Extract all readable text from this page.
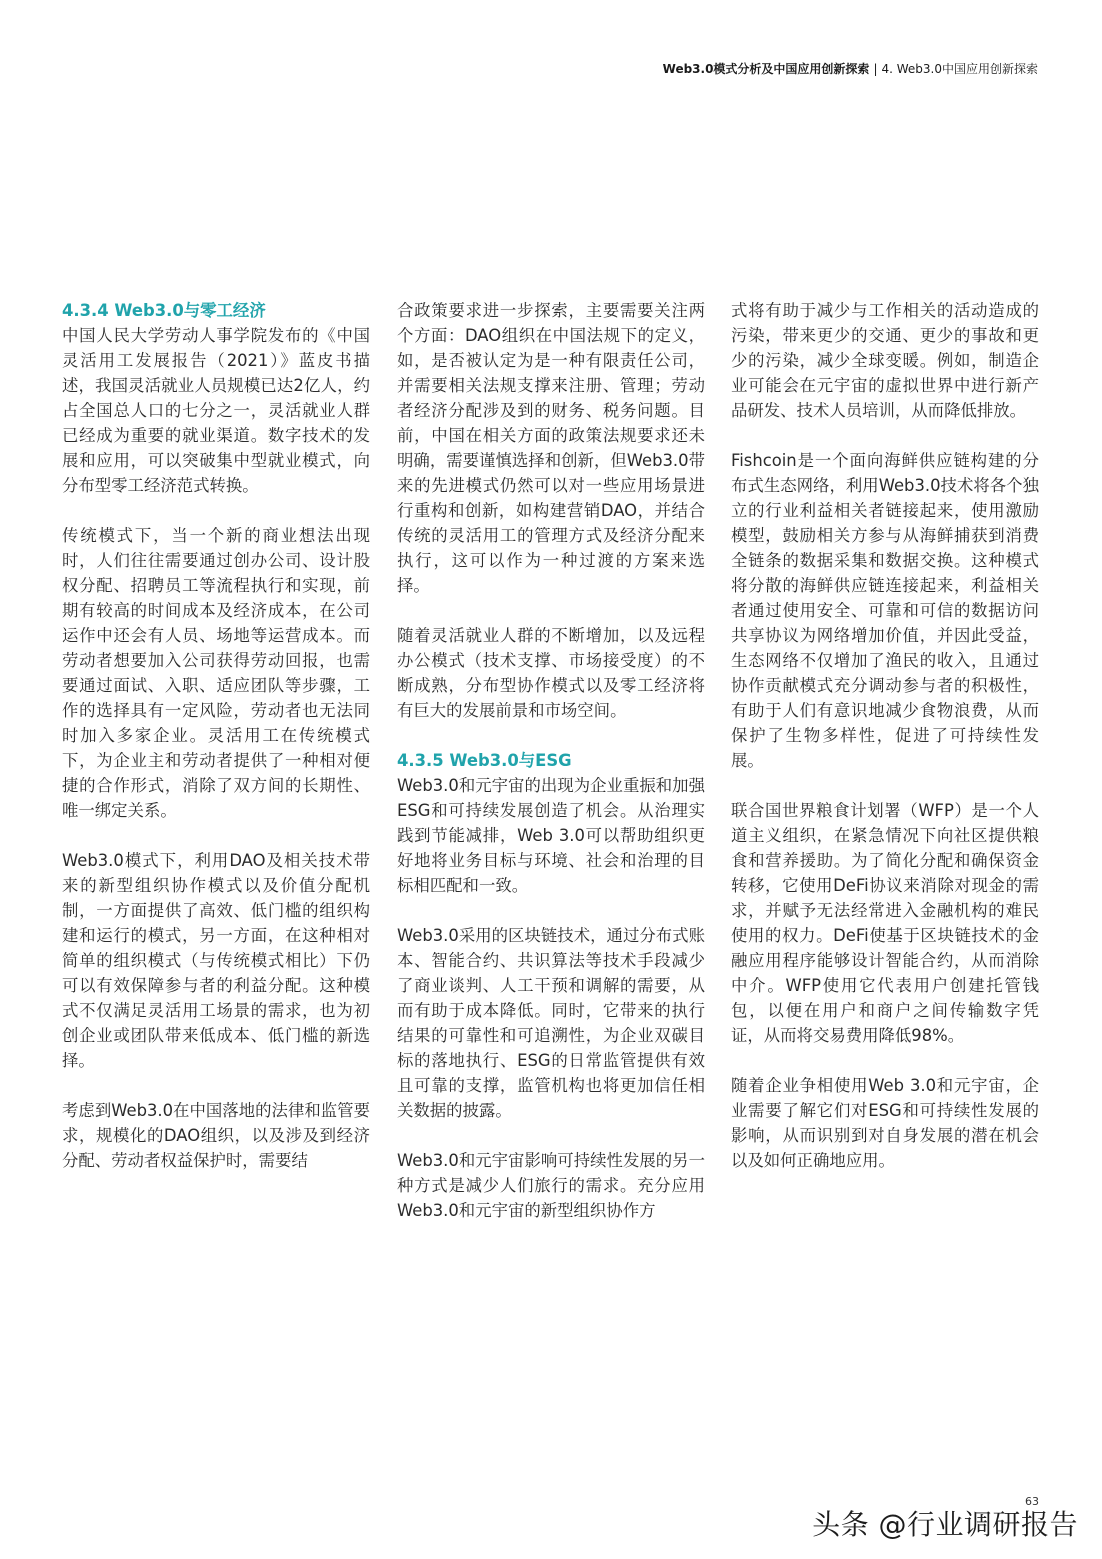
Web3.0模式分析及中国应用创新探索 | 4. Web3.0中国应用创新探索
4.3.4 Web3.0与零工经济

中国人民大学劳动人事学院发布的《中国灵活用工发展报告（2021）》蓝皮书描述，我国灵活就业人员规模已达2亿人，约占全国总人口的七分之一，灵活就业人群已经成为重要的就业渠道。数字技术的发展和应用，可以突破集中型就业模式，向分布型零工经济范式转换。

传统模式下，当一个新的商业想法出现时，人们往往需要通过创办公司、设计股权分配、招聘员工等流程执行和实现，前期有较高的时间成本及经济成本，在公司运作中还会有人员、场地等运营成本。而劳动者想要加入公司获得劳动回报，也需要通过面试、入职、适应团队等步骤，工作的选择具有一定风险，劳动者也无法同时加入多家企业。灵活用工在传统模式下，为企业主和劳动者提供了一种相对便捷的合作形式，消除了双方间的长期性、唯一绑定关系。

Web3.0模式下，利用DAO及相关技术带来的新型组织协作模式以及价值分配机制，一方面提供了高效、低门槛的组织构建和运行的模式，另一方面，在这种相对简单的组织模式（与传统模式相比）下仍可以有效保障参与者的利益分配。这种模式不仅满足灵活用工场景的需求，也为初创企业或团队带来低成本、低门槛的新选择。

考虑到Web3.0在中国落地的法律和监管要求，规模化的DAO组织，以及涉及到经济分配、劳动者权益保护时，需要结

合政策要求进一步探索，主要需要关注两个方面：DAO组织在中国法规下的定义，如，是否被认定为是一种有限责任公司，并需要相关法规支撑来注册、管理；劳动者经济分配涉及到的财务、税务问题。目前，中国在相关方面的政策法规要求还未明确，需要谨慎选择和创新，但Web3.0带来的先进模式仍然可以对一些应用场景进行重构和创新，如构建营销DAO，并结合传统的灵活用工的管理方式及经济分配来执行，这可以作为一种过渡的方案来选择。

随着灵活就业人群的不断增加，以及远程办公模式（技术支撑、市场接受度）的不断成熟，分布型协作模式以及零工经济将有巨大的发展前景和市场空间。

4.3.5 Web3.0与ESG

Web3.0和元宇宙的出现为企业重振和加强ESG和可持续发展创造了机会。从治理实践到节能减排，Web 3.0可以帮助组织更好地将业务目标与环境、社会和治理的目标相匹配和一致。

Web3.0采用的区块链技术，通过分布式账本、智能合约、共识算法等技术手段减少了商业谈判、人工干预和调解的需要，从而有助于成本降低。同时，它带来的执行结果的可靠性和可追溯性，为企业双碳目标的落地执行、ESG的日常监管提供有效且可靠的支撑，监管机构也将更加信任相关数据的披露。

Web3.0和元宇宙影响可持续性发展的另一种方式是减少人们旅行的需求。充分应用Web3.0和元宇宙的新型组织协作方

式将有助于减少与工作相关的活动造成的污染，带来更少的交通、更少的事故和更少的污染，减少全球变暖。例如，制造企业可能会在元宇宙的虚拟世界中进行新产品研发、技术人员培训，从而降低排放。

Fishcoin是一个面向海鲜供应链构建的分布式生态网络，利用Web3.0技术将各个独立的行业利益相关者链接起来，使用激励模型，鼓励相关方参与从海鲜捕获到消费全链条的数据采集和数据交换。这种模式将分散的海鲜供应链连接起来，利益相关者通过使用安全、可靠和可信的数据访问共享协议为网络增加价值，并因此受益，生态网络不仅增加了渔民的收入，且通过协作贡献模式充分调动参与者的积极性，有助于人们有意识地减少食物浪费，从而保护了生物多样性，促进了可持续性发展。

联合国世界粮食计划署（WFP）是一个人道主义组织，在紧急情况下向社区提供粮食和营养援助。为了简化分配和确保资金转移，它使用DeFi协议来消除对现金的需求，并赋予无法经常进入金融机构的难民使用的权力。DeFi使基于区块链技术的金融应用程序能够设计智能合约，从而消除中介。WFP使用它代表用户创建托管钱包，以便在用户和商户之间传输数字凭证，从而将交易费用降低98%。

随着企业争相使用Web 3.0和元宇宙，企业需要了解它们对ESG和可持续性发展的影响，从而识别到对自身发展的潜在机会以及如何正确地应用。

63
头条 @行业调研报告
